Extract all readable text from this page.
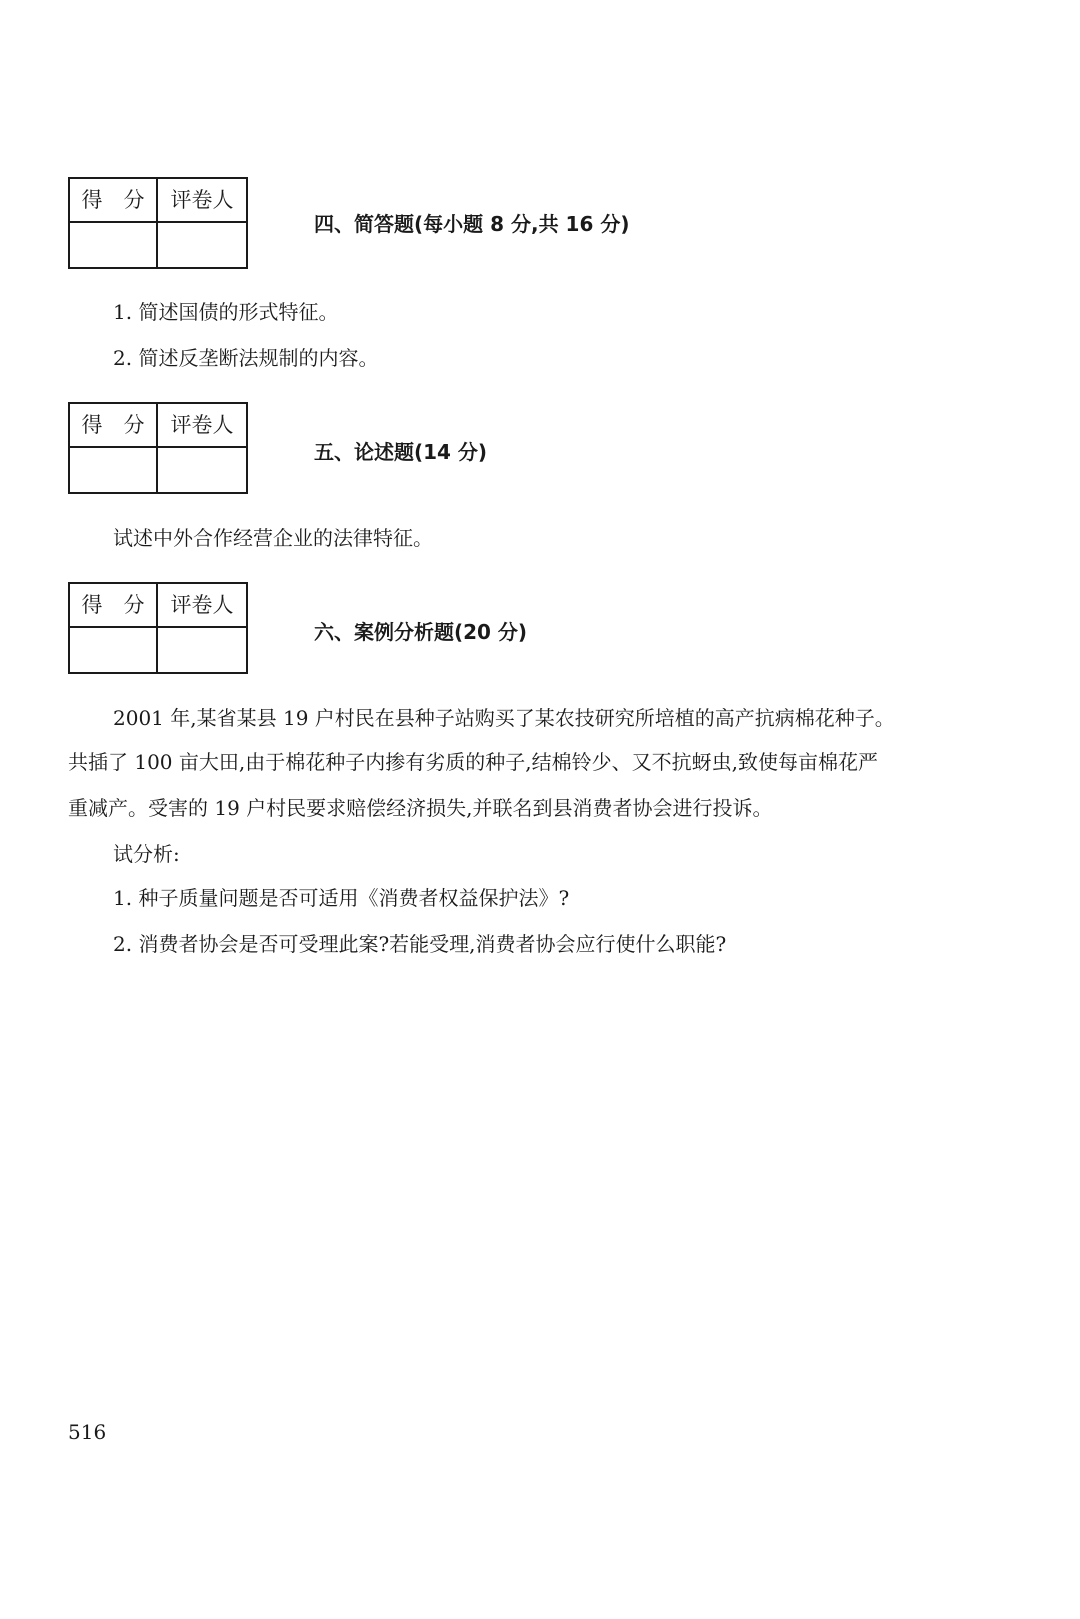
得　分	评卷人
四、简答题(每小题 8 分,共 16 分)
1. 简述国债的形式特征。
2. 简述反垄断法规制的内容。
得　分	评卷人
五、论述题(14 分)
试述中外合作经营企业的法律特征。
得　分	评卷人
六、案例分析题(20 分)
2001 年,某省某县 19 户村民在县种子站购买了某农技研究所培植的高产抗病棉花种子。
共插了 100 亩大田,由于棉花种子内掺有劣质的种子,结棉铃少、又不抗蚜虫,致使每亩棉花严
重减产。受害的 19 户村民要求赔偿经济损失,并联名到县消费者协会进行投诉。
试分析:
1. 种子质量问题是否可适用《消费者权益保护法》?
2. 消费者协会是否可受理此案?若能受理,消费者协会应行使什么职能?
516
